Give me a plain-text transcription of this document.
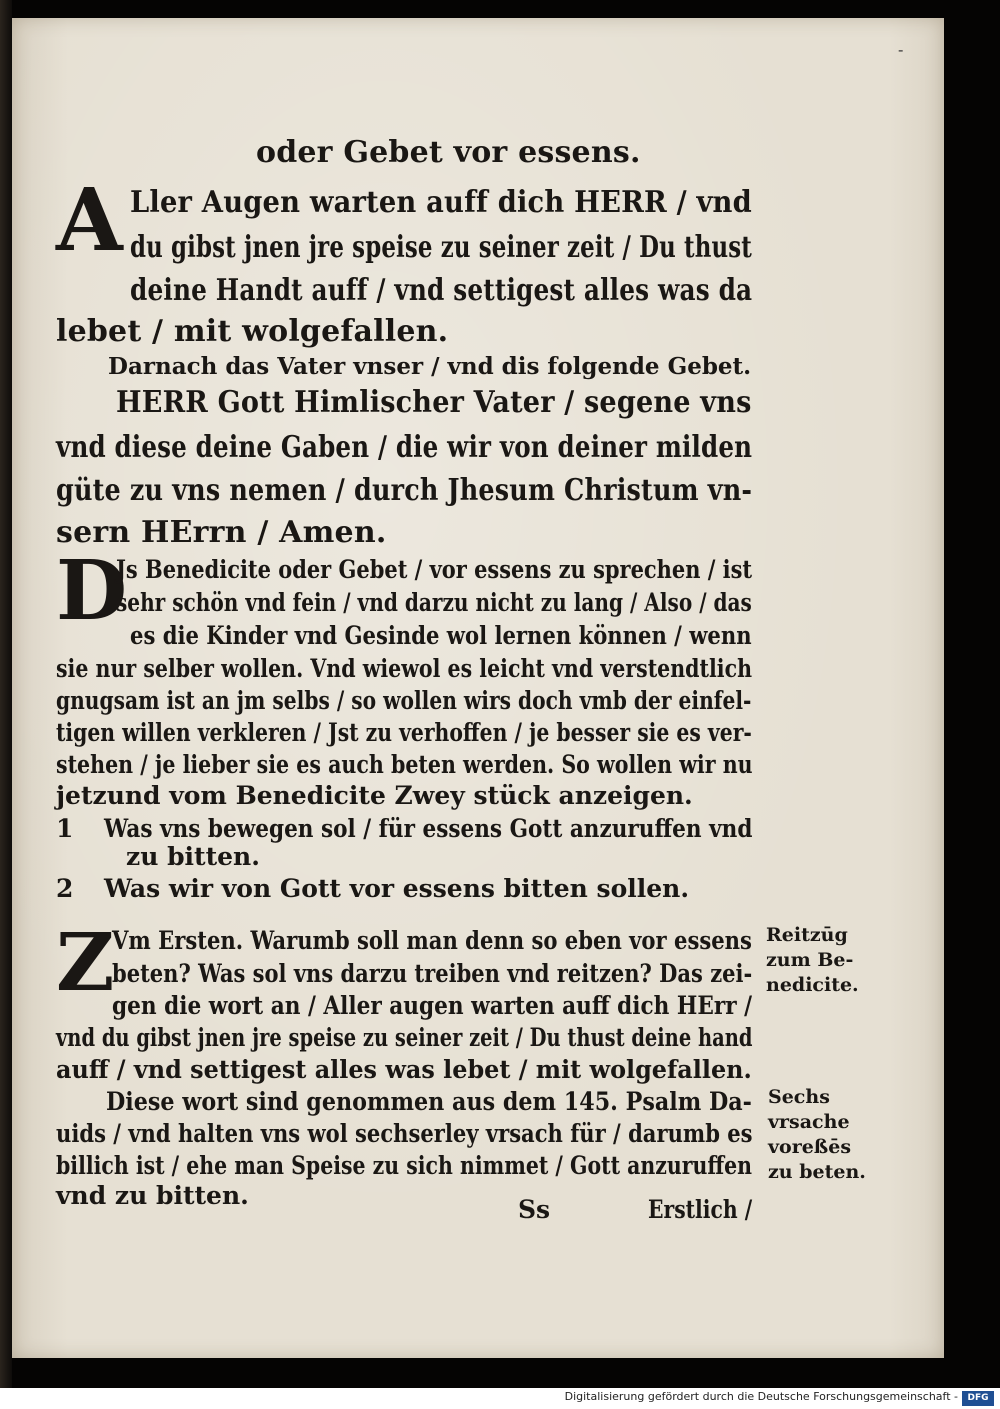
-
oder Gebet vor essens.
A Ller Augen warten auff dich HERR / vnd
du gibst jnen jre speise zu seiner zeit / Du thust
deine Handt auff / vnd settigest alles was da
lebet / mit wolgefallen.
Darnach das Vater vnser / vnd dis folgende Gebet.
HERR Gott Himlischer Vater / segene vns
vnd diese deine Gaben / die wir von deiner milden
güte zu vns nemen / durch Jhesum Christum vn-
sern HErrn / Amen.
D
Js Benedicite oder Gebet / vor essens zu sprechen / ist
sehr schön vnd fein / vnd darzu nicht zu lang / Also / das
es die Kinder vnd Gesinde wol lernen können / wenn
sie nur selber wollen. Vnd wiewol es leicht vnd verstendtlich
gnugsam ist an jm selbs / so wollen wirs doch vmb der einfel-
tigen willen verkleren / Jst zu verhoffen / je besser sie es ver-
stehen / je lieber sie es auch beten werden. So wollen wir nu
jetzund vom Benedicite Zwey stück anzeigen.
1 Was vns bewegen sol / für essens Gott anzuruffen vnd
zu bitten.
2 Was wir von Gott vor essens bitten sollen.
Z
Vm Ersten. Warumb soll man denn so eben vor essens
beten? Was sol vns darzu treiben vnd reitzen? Das zei-
gen die wort an / Aller augen warten auff dich HErr /
vnd du gibst jnen jre speise zu seiner zeit / Du thust deine hand
auff / vnd settigest alles was lebet / mit wolgefallen.
Diese wort sind genommen aus dem 145. Psalm Da-
uids / vnd halten vns wol sechserley vrsach für / darumb es
billich ist / ehe man Speise zu sich nimmet / Gott anzuruffen
vnd zu bitten.
Reitzūg
zum Be-
nedicite.
Sechs
vrsache
voreßēs
zu beten.
Ss	Erstlich /
Digitalisierung gefördert durch die Deutsche Forschungsgemeinschaft -	DFG
